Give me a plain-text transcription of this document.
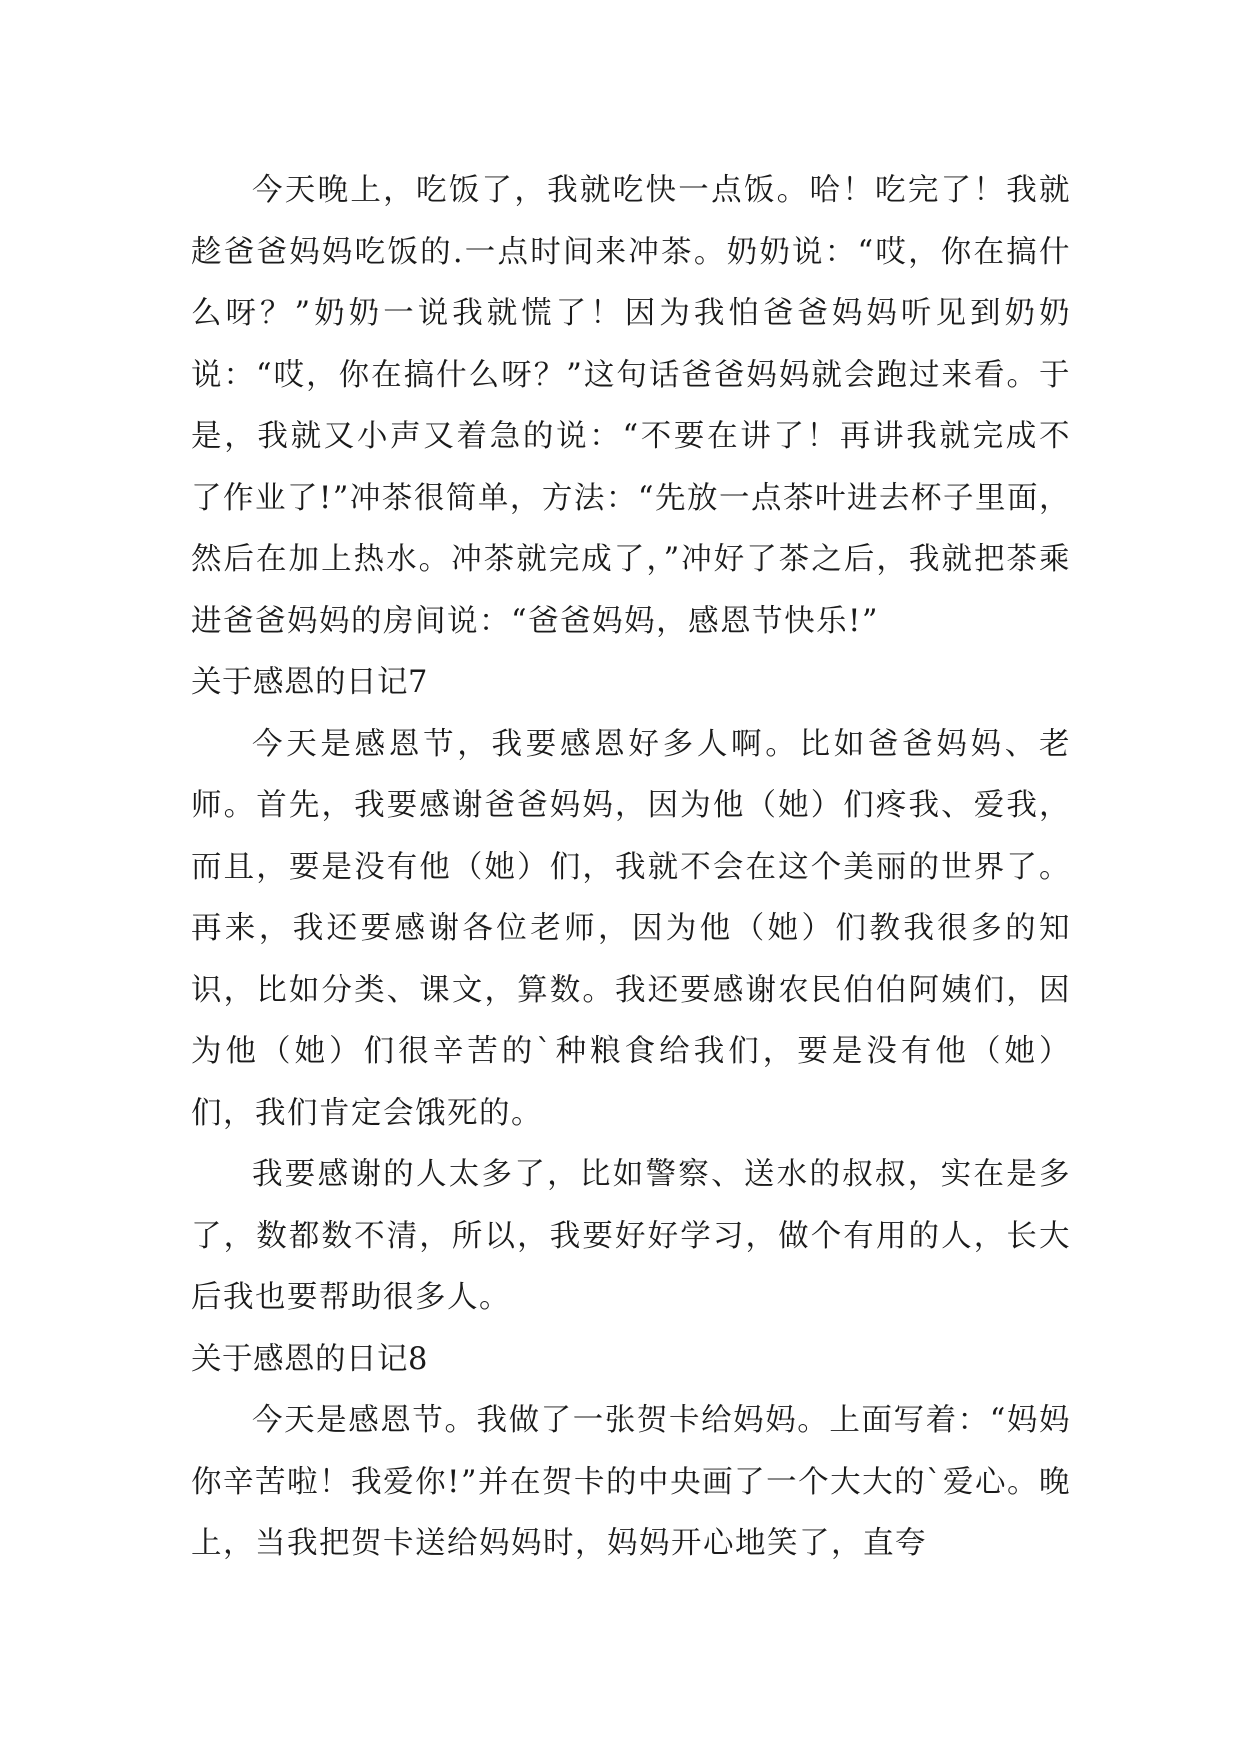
今天晚上，吃饭了，我就吃快一点饭。哈！吃完了！我就趁爸爸妈妈吃饭的.一点时间来冲茶。奶奶说：“哎，你在搞什么呀？”奶奶一说我就慌了！因为我怕爸爸妈妈听见到奶奶说：“哎，你在搞什么呀？”这句话爸爸妈妈就会跑过来看。于是，我就又小声又着急的说：“不要在讲了！再讲我就完成不了作业了!”冲茶很简单，方法：“先放一点茶叶进去杯子里面，然后在加上热水。冲茶就完成了，”冲好了茶之后，我就把茶乘进爸爸妈妈的房间说：“爸爸妈妈，感恩节快乐!”

关于感恩的日记7

今天是感恩节，我要感恩好多人啊。比如爸爸妈妈、老师。首先，我要感谢爸爸妈妈，因为他（她）们疼我、爱我，而且，要是没有他（她）们，我就不会在这个美丽的世界了。再来，我还要感谢各位老师，因为他（她）们教我很多的知识，比如分类、课文，算数。我还要感谢农民伯伯阿姨们，因为他（她）们很辛苦的`种粮食给我们，要是没有他（她）们，我们肯定会饿死的。

我要感谢的人太多了，比如警察、送水的叔叔，实在是多了，数都数不清，所以，我要好好学习，做个有用的人，长大后我也要帮助很多人。

关于感恩的日记8

今天是感恩节。我做了一张贺卡给妈妈。上面写着：“妈妈你辛苦啦！我爱你!”并在贺卡的中央画了一个大大的`爱心。晚上，当我把贺卡送给妈妈时，妈妈开心地笑了，直夸
